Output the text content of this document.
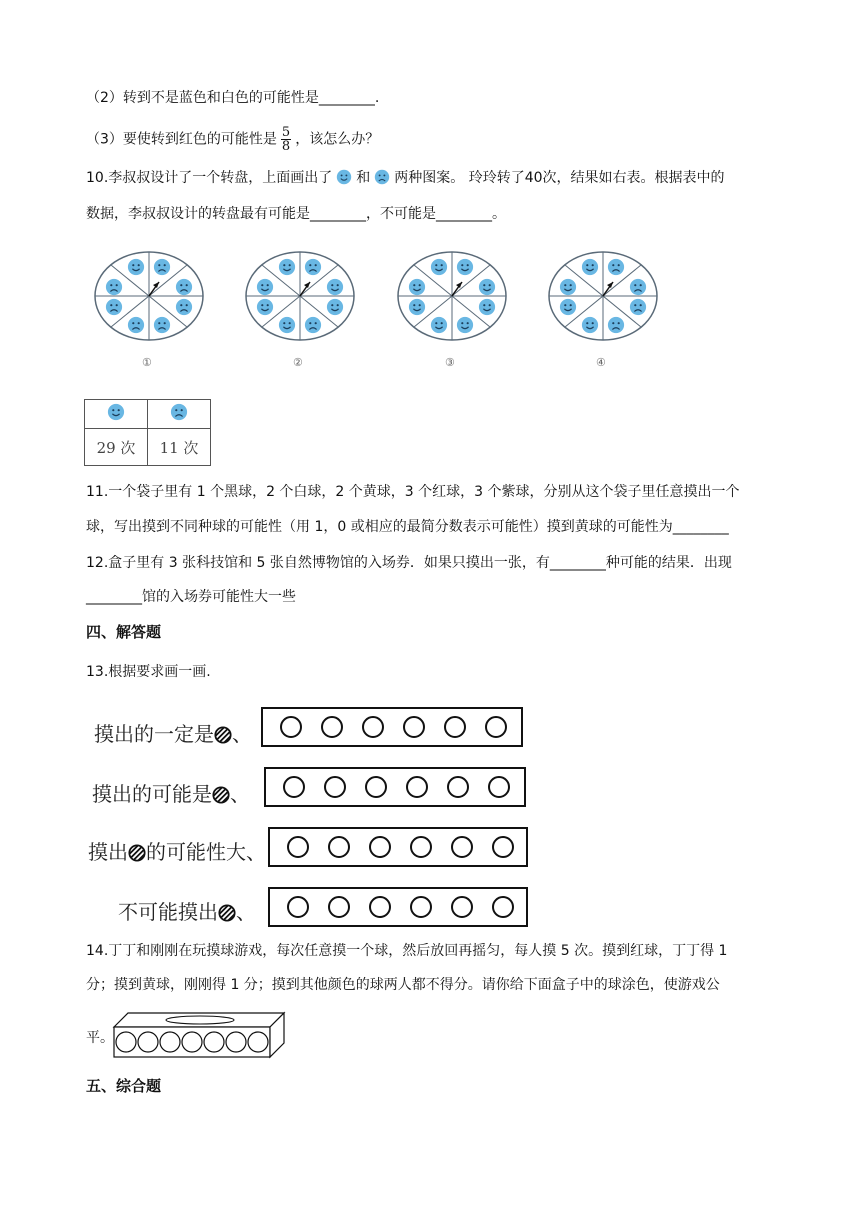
（2）转到不是蓝色和白色的可能性是________.
（3）要使转到红色的可能性是 $\frac{5}{8}$ ，该怎么办？
10.李叔叔设计了一个转盘，上面画出了 和 两种图案。 玲玲转了40次，结果如右表。根据表中的
数据，李叔叔设计的转盘最有可能是________，不可能是________。
①	②	③	④

29 次	11 次
11.一个袋子里有 1 个黑球，2 个白球，2 个黄球，3 个红球，3 个紫球，分别从这个袋子里任意摸出一个
球，写出摸到不同种球的可能性（用 1，0 或相应的最简分数表示可能性）摸到黄球的可能性为________
12.盒子里有 3 张科技馆和 5 张自然博物馆的入场券．如果只摸出一张，有________种可能的结果．出现
________馆的入场券可能性大一些
四、解答题
13.根据要求画一画.
摸出的一定是 、
摸出的可能是 、
摸出 的可能性大、
不可能摸出 、
14.丁丁和刚刚在玩摸球游戏，每次任意摸一个球，然后放回再摇匀，每人摸 5 次。摸到红球，丁丁得 1
分；摸到黄球，刚刚得 1 分；摸到其他颜色的球两人都不得分。请你给下面盒子中的球涂色，使游戏公
平。
五、综合题
